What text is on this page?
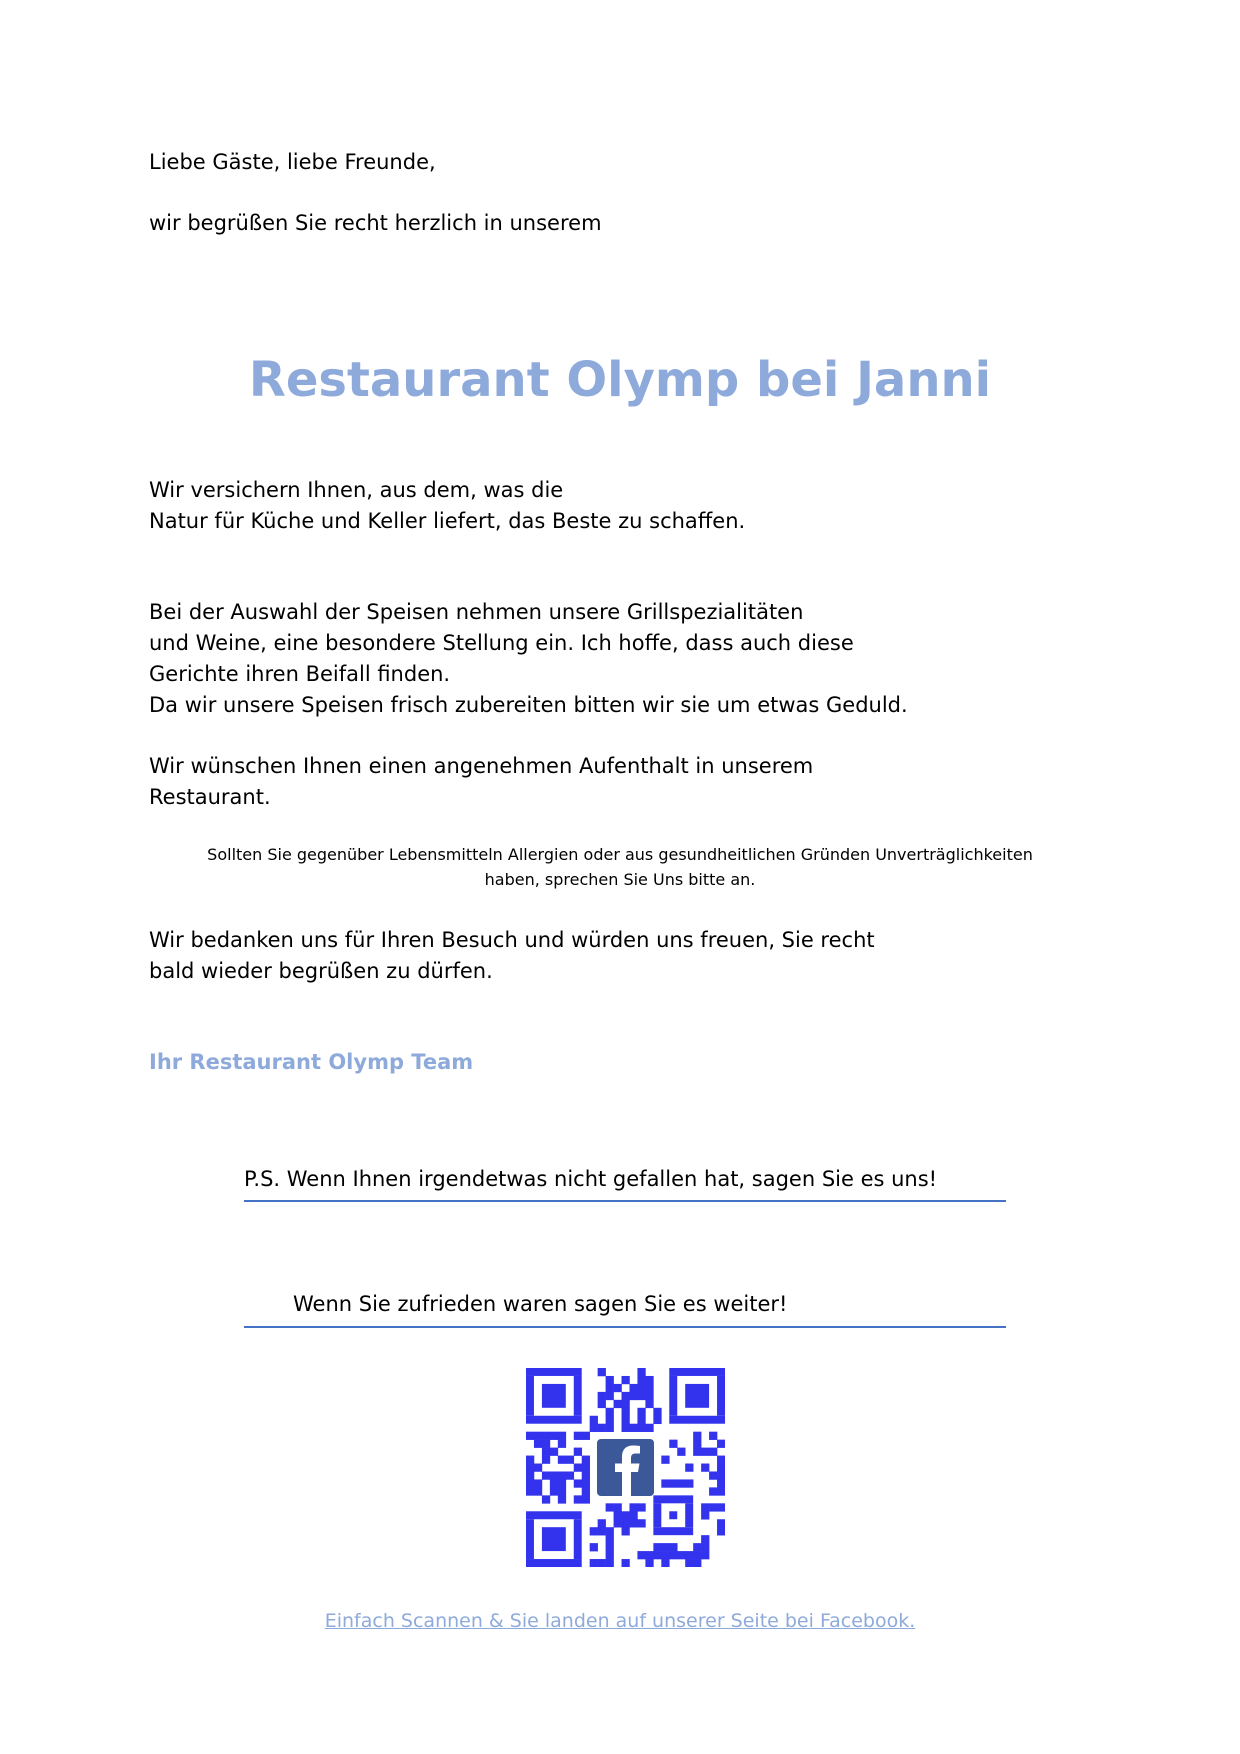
Liebe Gäste, liebe Freunde,

wir begrüßen Sie recht herzlich in unserem

Restaurant Olymp bei Janni

Wir versichern Ihnen, aus dem, was die
Natur für Küche und Keller liefert, das Beste zu schaffen.

Bei der Auswahl der Speisen nehmen unsere Grillspezialitäten
und Weine, eine besondere Stellung ein. Ich hoffe, dass auch diese
Gerichte ihren Beifall finden.
Da wir unsere Speisen frisch zubereiten bitten wir sie um etwas Geduld.

Wir wünschen Ihnen einen angenehmen Aufenthalt in unserem
Restaurant.

Sollten Sie gegenüber Lebensmitteln Allergien oder aus gesundheitlichen Gründen Unverträglichkeiten
haben, sprechen Sie Uns bitte an.

Wir bedanken uns für Ihren Besuch und würden uns freuen, Sie recht
bald wieder begrüßen zu dürfen.

Ihr Restaurant Olymp Team

P.S. Wenn Ihnen irgendetwas nicht gefallen hat, sagen Sie es uns!

Wenn Sie zufrieden waren sagen Sie es weiter!

Einfach Scannen & Sie landen auf unserer Seite bei Facebook.
